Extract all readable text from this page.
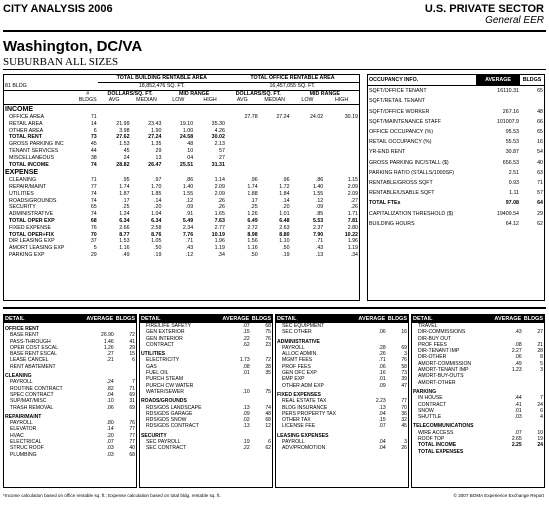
CITY ANALYSIS 2006	U.S. PRIVATE SECTOR
General EER
Washington, DC/VA
SUBURBAN ALL SIZES
		TOTAL BUILDING RENTABLE AREA				TOTAL OFFICE RENTABLE AREA			
81 BLDG		18,852,476 SQ. FT.				16,457,055 SQ. FT.			
	#	DOLLARS/SQ. FT.		MID RANGE		DOLLARS/SQ. FT.		MID RANGE	
	BLDGS	AVG	MEDIAN	LOW	HIGH	AVG	MEDIAN	LOW	HIGH
INCOME									
OFFICE AREA	71					27.78	27.24	24.02	30.19
RETAIL AREA	14	21.99	23.43	19.10	35.30				
OTHER AREA	6	3.98	1.90	1.00	4.26				
TOTAL RENT	73	27.62	27.24	24.58	30.02				
GROSS PARKING INC	45	1.53	1.35	48	2.13				
TENANT SERVICES	44	45	29	10	57				
MISCELLANEOUS	38	24	13	04	27				
TOTAL INCOME	74	28.82	26.47	25.51	31.31				
EXPENSE									
CLEANING	71	.95	.97	.86	1.14	.96	.96	.86	1.15
REPAIR/MAINT	77	1.74	1.70	1.40	2.09	1.74	1.72	1.40	2.09
UTILITIES	74	1.87	1.85	1.55	2.09	1.88	1.84	1.55	2.09
ROADS/GROUNDS	74	.17	.14	.12	.26	.17	.14	.12	.27
SECURITY	65	.25	.20	.09	.26	.25	.20	.09	.26
ADMINISTRATIVE	74	1.24	1.04	.91	1.65	1.26	1.01	.85	1.71
TOTAL OPER EXP	68	6.34	6.34	5.49	7.63	6.49	6.48	5.53	7.81
FIXED EXPENSE	76	2.66	2.58	2.34	2.77	2.72	2.63	2.37	2.80
TOTAL OPER+FIX	70	8.77	8.76	7.76	10.19	8.98	8.80	7.90	10.22
DIR LEASING EXP	37	1.53	1.05	.71	1.96	1.56	1.10	.71	1.96
AMORT LEASING EXP	5	1.16	.50	.43	1.19	1.16	.50	.43	1.19
PARKING EXP	29	.49	.19	.12	.34	.50	.19	.13	.34
OCCUPANCY INFO.	AVERAGE	BLDGS
SQFT/OFFICE TENANT	16110.31	65
SQFT/RETAIL TENANT		
SQFT/OFFICE WORKER	267.16	48
SQFT/MAINTENANCE STAFF	101007.9	66
OFFICE OCCUPANCY (%)	95.53	65
RETAIL OCCUPANCY (%)	55.53	16
YR-END RENT	30.87	54
GROSS PARKING INC/STALL ($)	656.53	40
PARKING RATIO (STALLS/1000SF)	2.51	63
RENTABLE/GROSS SQFT	0.93	71
RENTABLE/USABLE SQFT	1.11	57
TOTAL FTEs	97.08	64
CAPITALIZATION THRESHOLD ($)	19409.54	29
BUILDING HOURS	64.12	62
DETAIL	AVERAGE	BLDGS
OFFICE RENT		
BASE RENT	26.90	72
PASS-THROUGH	1.46	41
OPER COST ESCAL	1.26	29
BASE RENT ESCAL	.27	15
LEASE CANCEL	.21	6
RENT ABATEMENT		
CLEANING		
PAYROLL	.24	7
ROUTINE CONTRACT	.82	71
SPEC CONTRACT	.04	69
SUP/MAT/MISC	.10	31
TRASH REMOVAL	.06	69
REPAIR/MAINT		
PAYROLL	.80	76
ELEVATOR	.14	77
HVAC	.20	77
ELECTRICAL	.07	77
STRUC ROOF	.03	40
PLUMBING	.03	68
DETAIL	AVERAGE	BLDGS
FIRE/LIFE SAFETY	.07	68
GEN EXTERIOR	.15	75
GEN INTERIOR	.22	76
CONTRACT	.62	23
UTILITIES		
ELECTRICITY	1.73	72
GAS	.08	28
FUEL OIL	.01	35
PURCH STEAM		
PURCH CW WATER		
WATER/SEWER	.10	75
ROADS/GROUNDS		
RDS/GDS LANDSCAPE	.13	74
RDS/GDS GARAGE	.09	48
RDS/GDS SNOW	.02	68
RDS/GDS CONTRACT	.13	12
SECURITY		
SEC PAYROLL	.19	6
SEC CONTRACT	.22	62
DETAIL	AVERAGE	BLDGS
SEC EQUIPMENT		
SEC OTHER	.06	16
ADMINISTRATIVE		
PAYROLL	.28	69
ALLOC ADMIN	.26	3
MGMT FEES	.71	76
PROF FEES	.06	58
GEN OFC EXP	.16	73
EMP EXP	.01	39
OTHER ADM EXP	.09	47
FIXED EXPENSES		
REAL ESTATE TAX	2.23	77
BLDG INSURANCE	.13	70
PERS PROPERTY TAX	.04	36
OTHER TAX	.15	32
LICENSE FEE	.07	45
LEASING EXPENSES		
PAYROLL	.04	3
ADV/PROMOTION	.04	26
DETAIL	AVERAGE	BLDGS
TRAVEL		
DIR-COMMISSIONS	.43	27
DIR-BUY OUT		
PROF FEES	.08	21
DIR-TENANT IMP	2.27	28
DIR-OTHER	.06	8
AMORT-COMMISSION	.49	5
AMORT-TENANT IMP	1.23	3
AMORT-BUY-OUTS		
AMORT-OTHER		
PARKING		
IN HOUSE	.44	7
CONTRACT	.41	24
SNOW	.01	6
SHUTTLE	.03	4
TELECOMMUNICATIONS		
WIRE ACCESS	.07	10
ROOF TOP	2.65	19
TOTAL INCOME	2.25	24
TOTAL EXPENSES		
*Income calculation based on office rentable sq. ft.; Expense calculation based on total bldg. rentable sq. ft.	© 2007 BOMA Experience Exchange Report
